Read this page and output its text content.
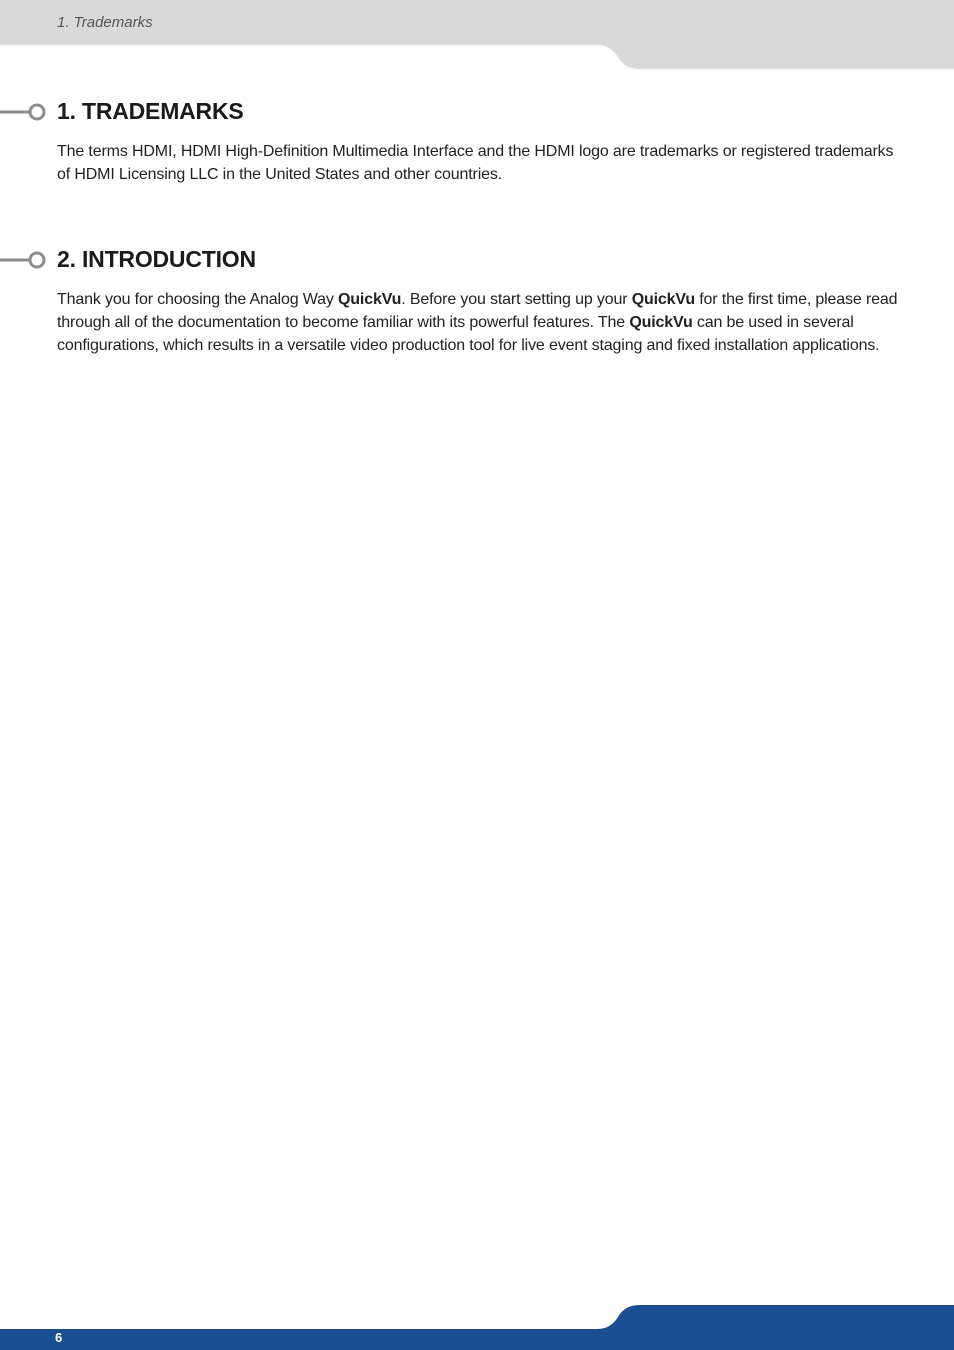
1. Trademarks

1. TRADEMARKS

The terms HDMI, HDMI High-Definition Multimedia Interface and the HDMI logo are trademarks or registered trademarks of HDMI Licensing LLC in the United States and other countries.

2. INTRODUCTION

Thank you for choosing the Analog Way QuickVu. Before you start setting up your QuickVu for the first time, please read through all of the documentation to become familiar with its powerful features. The QuickVu can be used in several configurations, which results in a versatile video production tool for live event staging and fixed installation applications.

6
